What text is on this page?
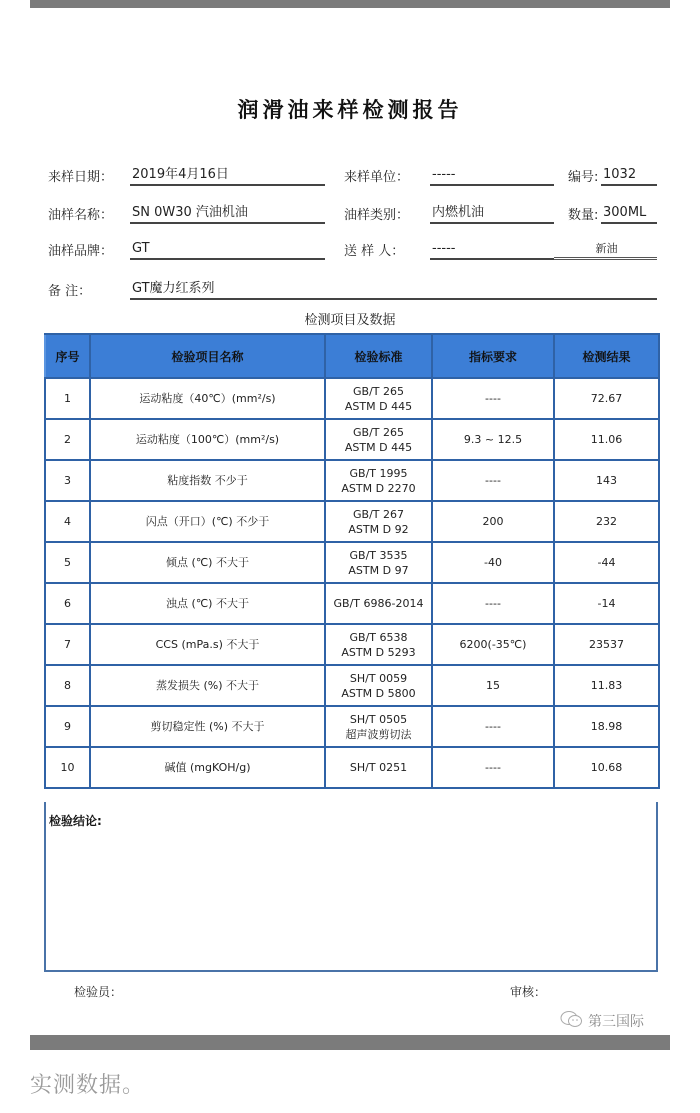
润滑油来样检测报告
来样日期： 2019年4月16日	来样单位： -----	编号: 1032
油样名称： SN 0W30 汽油机油	油样类别： 内燃机油	数量: 300ML
油样品牌： GT	送 样 人： -----	新油
备 注：	GT魔力红系列
检测项目及数据
序号	检验项目名称	检验标准	指标要求	检测结果
1	运动粘度（40℃）(mm²/s)	GB/T 265
ASTM D 445	----	72.67
2	运动粘度（100℃）(mm²/s)	GB/T 265
ASTM D 445	9.3 ~ 12.5	11.06
3	粘度指数 不少于	GB/T 1995
ASTM D 2270	----	143
4	闪点（开口）(℃) 不少于	GB/T 267
ASTM D 92	200	232
5	倾点 (℃) 不大于	GB/T 3535
ASTM D 97	-40	-44
6	浊点 (℃) 不大于	GB/T 6986-2014	----	-14
7	CCS (mPa.s) 不大于	GB/T 6538
ASTM D 5293	6200(-35℃)	23537
8	蒸发损失 (%) 不大于	SH/T 0059
ASTM D 5800	15	11.83
9	剪切稳定性 (%) 不大于	SH/T 0505
超声波剪切法	----	18.98
10	碱值 (mgKOH/g)	SH/T 0251	----	10.68
检验结论:
检验员：	审核：
第三国际
实测数据。
